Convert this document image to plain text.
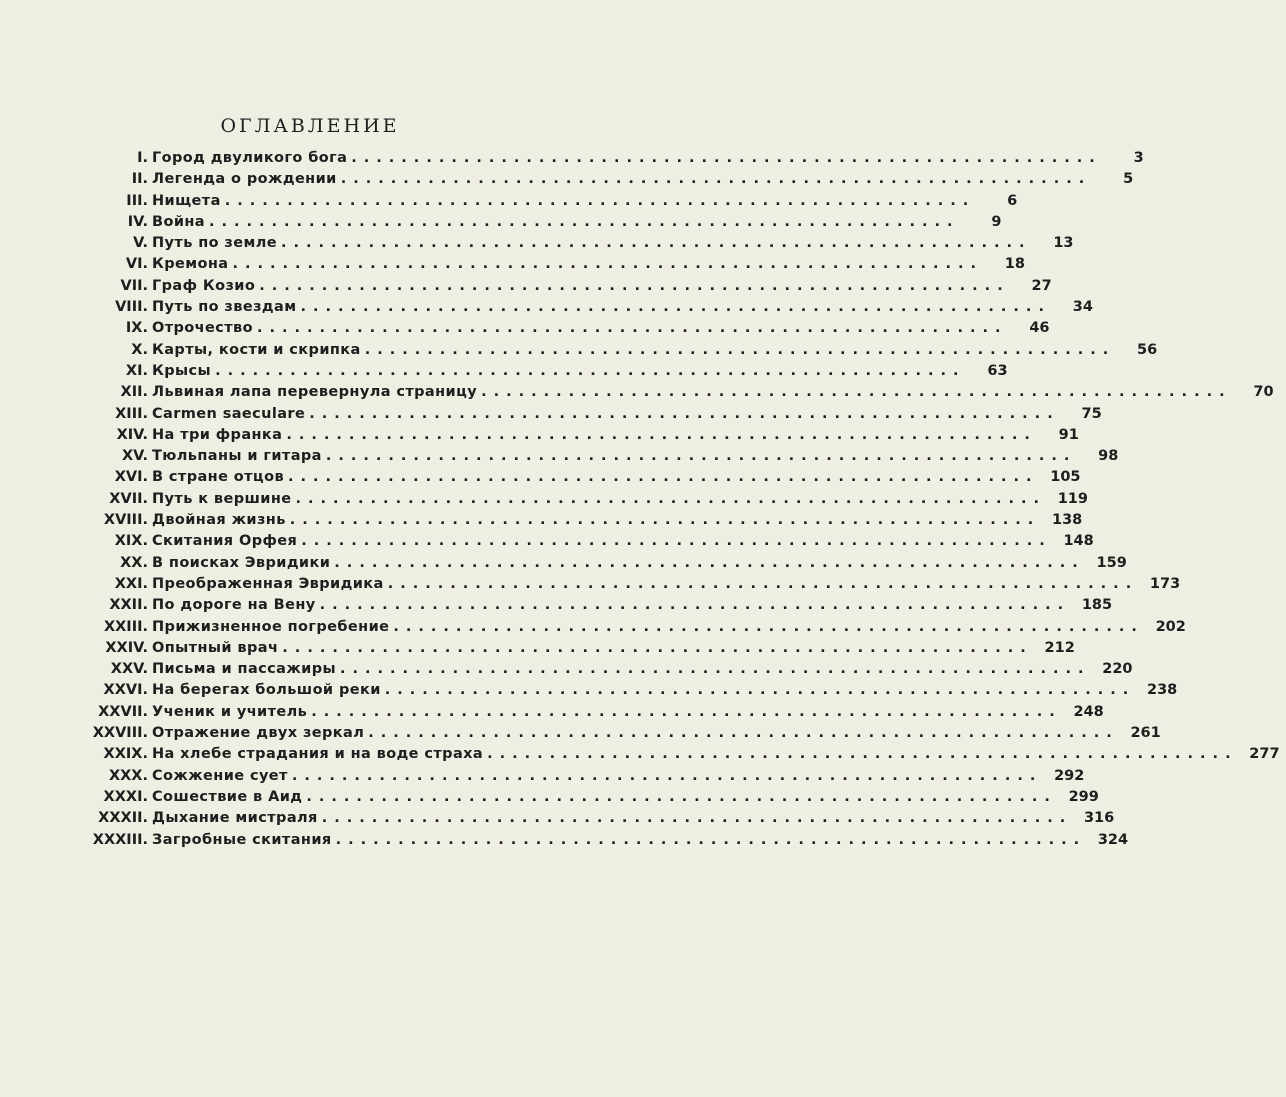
ОГЛАВЛЕНИЕ
I. Город двуликого бога ............................................................	3
II. Легенда о рождении ............................................................	5
III. Нищета ............................................................	6
IV. Война ............................................................	9
V. Путь по земле ............................................................	13
VI. Кремона ............................................................	18
VII. Граф Козио ............................................................	27
VIII. Путь по звездам ............................................................	34
IX. Отрочество ............................................................	46
X. Карты, кости и скрипка ............................................................	56
XI. Крысы ............................................................	63
XII. Львиная лапа перевернула страницу ............................................................	70
XIII. Carmen saeculare ............................................................	75
XIV. На три франка ............................................................	91
XV. Тюльпаны и гитара ............................................................	98
XVI. В стране отцов ............................................................ 105
XVII. Путь к вершине ............................................................ 119
XVIII. Двойная жизнь ............................................................ 138
XIX. Скитания Орфея ............................................................ 148
XX. В поисках Эвридики ............................................................ 159
XXI. Преображенная Эвридика ............................................................ 173
XXII. По дороге на Вену ............................................................ 185
XXIII. Прижизненное погребение ............................................................ 202
XXIV. Опытный врач ............................................................ 212
XXV. Письма и пассажиры ............................................................ 220
XXVI. На берегах большой реки ............................................................ 238
XXVII. Ученик и учитель ............................................................ 248
XXVIII. Отражение двух зеркал ............................................................ 261
XXIX. На хлебе страдания и на воде страха ............................................................ 277
XXX. Сожжение сует ............................................................ 292
XXXI. Сошествие в Аид ............................................................ 299
XXXII. Дыхание мистраля ............................................................ 316
XXXIII. Загробные скитания ............................................................ 324
